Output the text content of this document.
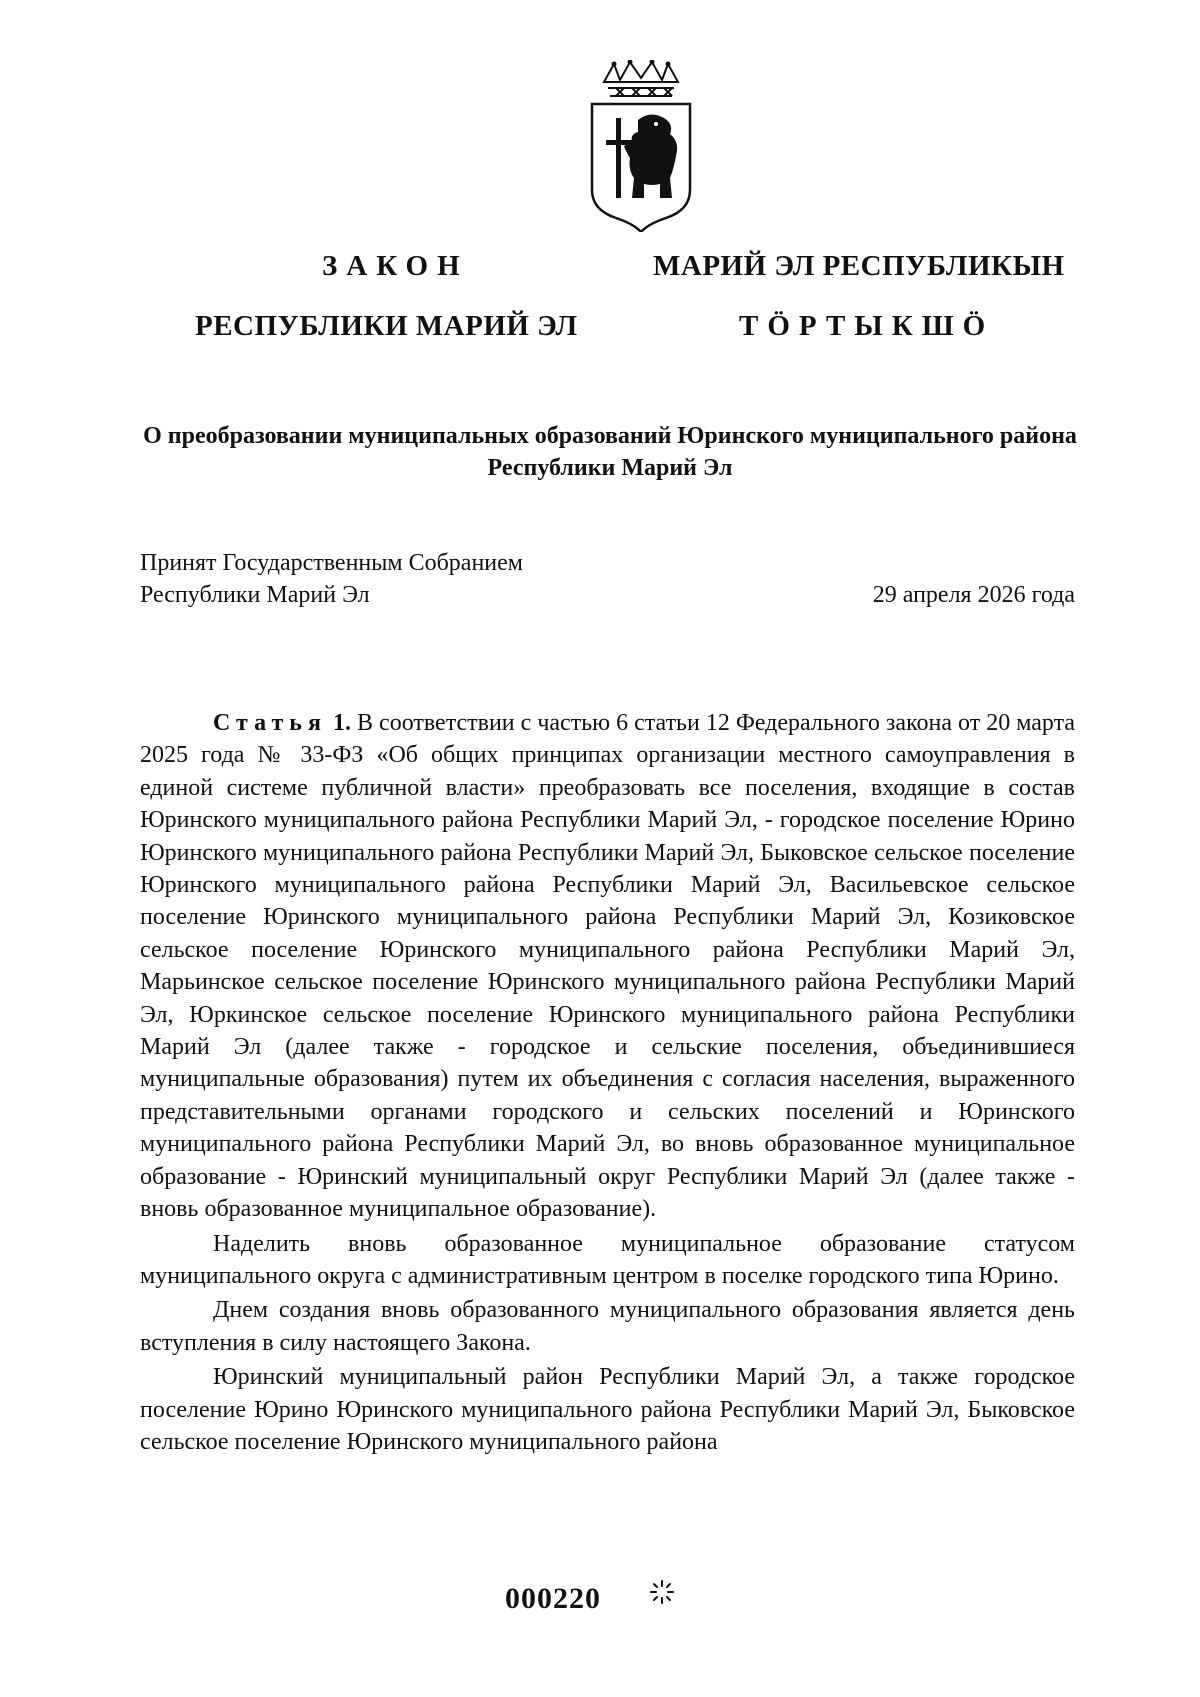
ЗАКОН
РЕСПУБЛИКИ МАРИЙ ЭЛ
МАРИЙ ЭЛ РЕСПУБЛИКЫН
ТӦРТЫКШӦ
О преобразовании муниципальных образований Юринского муниципального района Республики Марий Эл
Принят Государственным Собранием
Республики Марий Эл	29 апреля 2026 года

Статья 1. В соответствии с частью 6 статьи 12 Федерального закона от 20 марта 2025 года № 33-ФЗ «Об общих принципах организации местного самоуправления в единой системе публичной власти» преобразовать все поселения, входящие в состав Юринского муниципального района Республики Марий Эл, - городское поселение Юрино Юринского муниципального района Республики Марий Эл, Быковское сельское поселение Юринского муниципального района Республики Марий Эл, Васильевское сельское поселение Юринского муниципального района Республики Марий Эл, Козиковское сельское поселение Юринского муниципального района Республики Марий Эл, Марьинское сельское поселение Юринского муниципального района Республики Марий Эл, Юркинское сельское поселение Юринского муниципального района Республики Марий Эл (далее также - городское и сельские поселения, объединившиеся муниципальные образования) путем их объединения с согласия населения, выраженного представительными органами городского и сельских поселений и Юринского муниципального района Республики Марий Эл, во вновь образованное муниципальное образование - Юринский муниципальный округ Республики Марий Эл (далее также - вновь образованное муниципальное образование).

Наделить вновь образованное муниципальное образование статусом муниципального округа с административным центром в поселке городского типа Юрино.

Днем создания вновь образованного муниципального образования является день вступления в силу настоящего Закона.

Юринский муниципальный район Республики Марий Эл, а также городское поселение Юрино Юринского муниципального района Республики Марий Эл, Быковское сельское поселение Юринского муниципального района

000220
